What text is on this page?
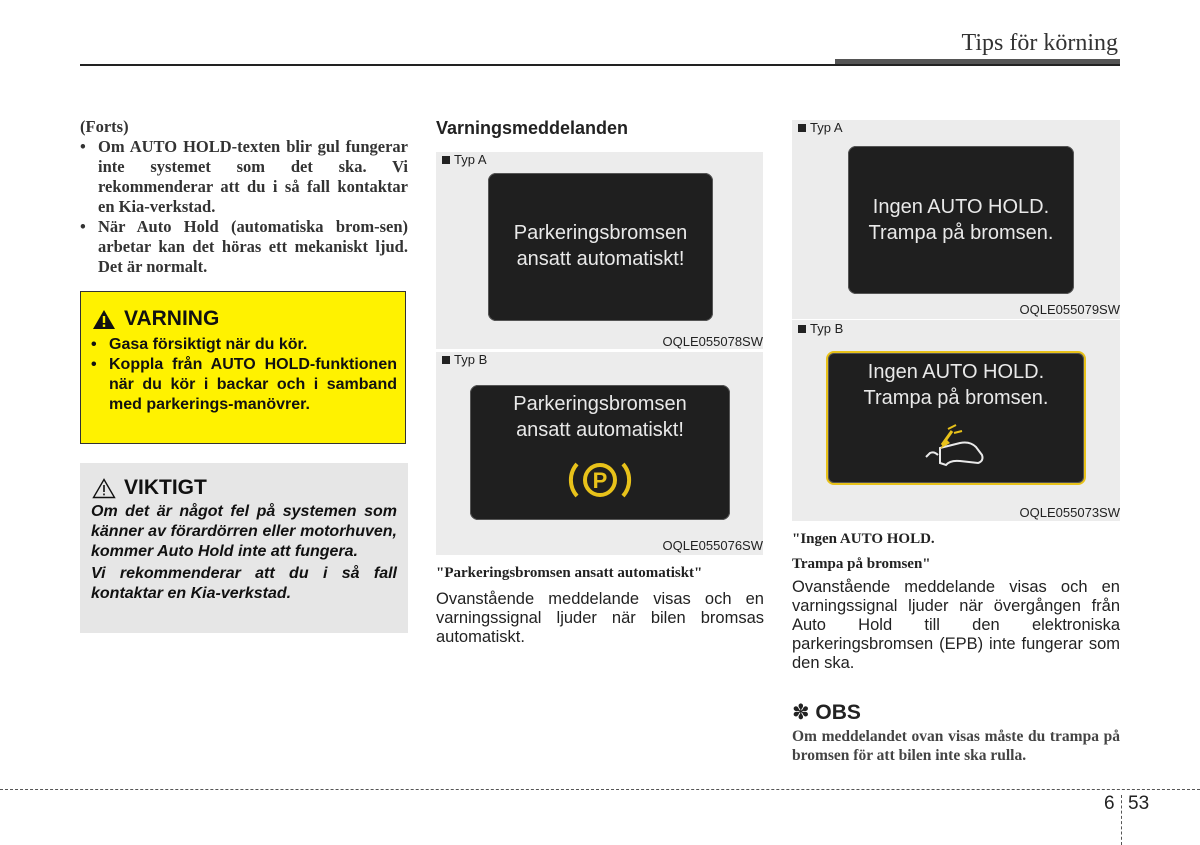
Tips för körning
(Forts)
• Om AUTO HOLD-texten blir gul fungerar inte systemet som det ska. Vi rekommenderar att du i så fall kontaktar en Kia-verkstad.
• När Auto Hold (automatiska brom-sen) arbetar kan det höras ett mekaniskt ljud. Det är normalt.
VARNING
• Gasa försiktigt när du kör.
• Koppla från AUTO HOLD-funktionen när du kör i backar och i samband med parkerings-manövrer.
VIKTIGT

Om det är något fel på systemen som känner av förardörren eller motorhuven, kommer Auto Hold inte att fungera.

Vi rekommenderar att du i så fall kontaktar en Kia-verkstad.

Varningsmeddelanden
Typ A
Parkeringsbromsen
ansatt automatiskt!
OQLE055078SW
Typ B
Parkeringsbromsen
ansatt automatiskt!
P
OQLE055076SW
"Parkeringsbromsen ansatt automatiskt"
Ovanstående meddelande visas och en varningssignal ljuder när bilen bromsas automatiskt.
Typ A
Ingen AUTO HOLD.
Trampa på bromsen.
OQLE055079SW
Typ B
Ingen AUTO HOLD.
Trampa på bromsen.
OQLE055073SW
"Ingen AUTO HOLD.
Trampa på bromsen"
Ovanstående meddelande visas och en varningssignal ljuder när övergången från Auto Hold till den elektroniska parkeringsbromsen (EPB) inte fungerar som den ska.
✽ OBS
Om meddelandet ovan visas måste du trampa på bromsen för att bilen inte ska rulla.
6 53
